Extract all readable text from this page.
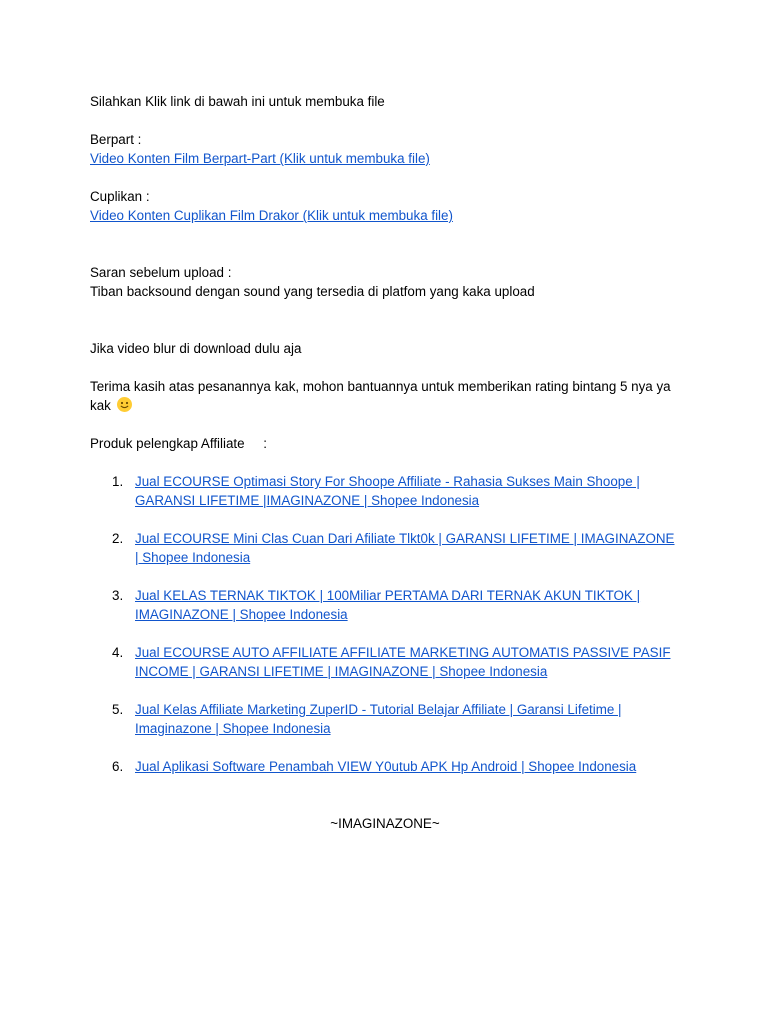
Silahkan Klik link di bawah ini untuk membuka file

Berpart :

Video Konten Film Berpart-Part (Klik untuk membuka file)

Cuplikan :

Video Konten Cuplikan Film Drakor (Klik untuk membuka file)

Saran sebelum upload :

Tiban backsound dengan sound yang tersedia di platfom yang kaka upload

Jika video blur di download dulu aja

Terima kasih atas pesanannya kak, mohon bantuannya untuk memberikan rating bintang 5 nya ya kak

Produk pelengkap Affiliate     :

1. Jual ECOURSE Optimasi Story For Shoope Affiliate - Rahasia Sukses Main Shoope | GARANSI LIFETIME |IMAGINAZONE | Shopee Indonesia
2. Jual ECOURSE Mini Clas Cuan Dari Afiliate Tlkt0k | GARANSI LIFETIME | IMAGINAZONE | Shopee Indonesia
3. Jual KELAS TERNAK TIKTOK | 100Miliar PERTAMA DARI TERNAK AKUN TIKTOK | IMAGINAZONE | Shopee Indonesia
4. Jual ECOURSE AUTO AFFILIATE AFFILIATE MARKETING AUTOMATIS PASSIVE PASIF INCOME | GARANSI LIFETIME | IMAGINAZONE | Shopee Indonesia
5. Jual Kelas Affiliate Marketing ZuperID - Tutorial Belajar Affiliate | Garansi Lifetime | Imaginazone | Shopee Indonesia
6. Jual Aplikasi Software Penambah VIEW Y0utub APK Hp Android | Shopee Indonesia

~IMAGINAZONE~
